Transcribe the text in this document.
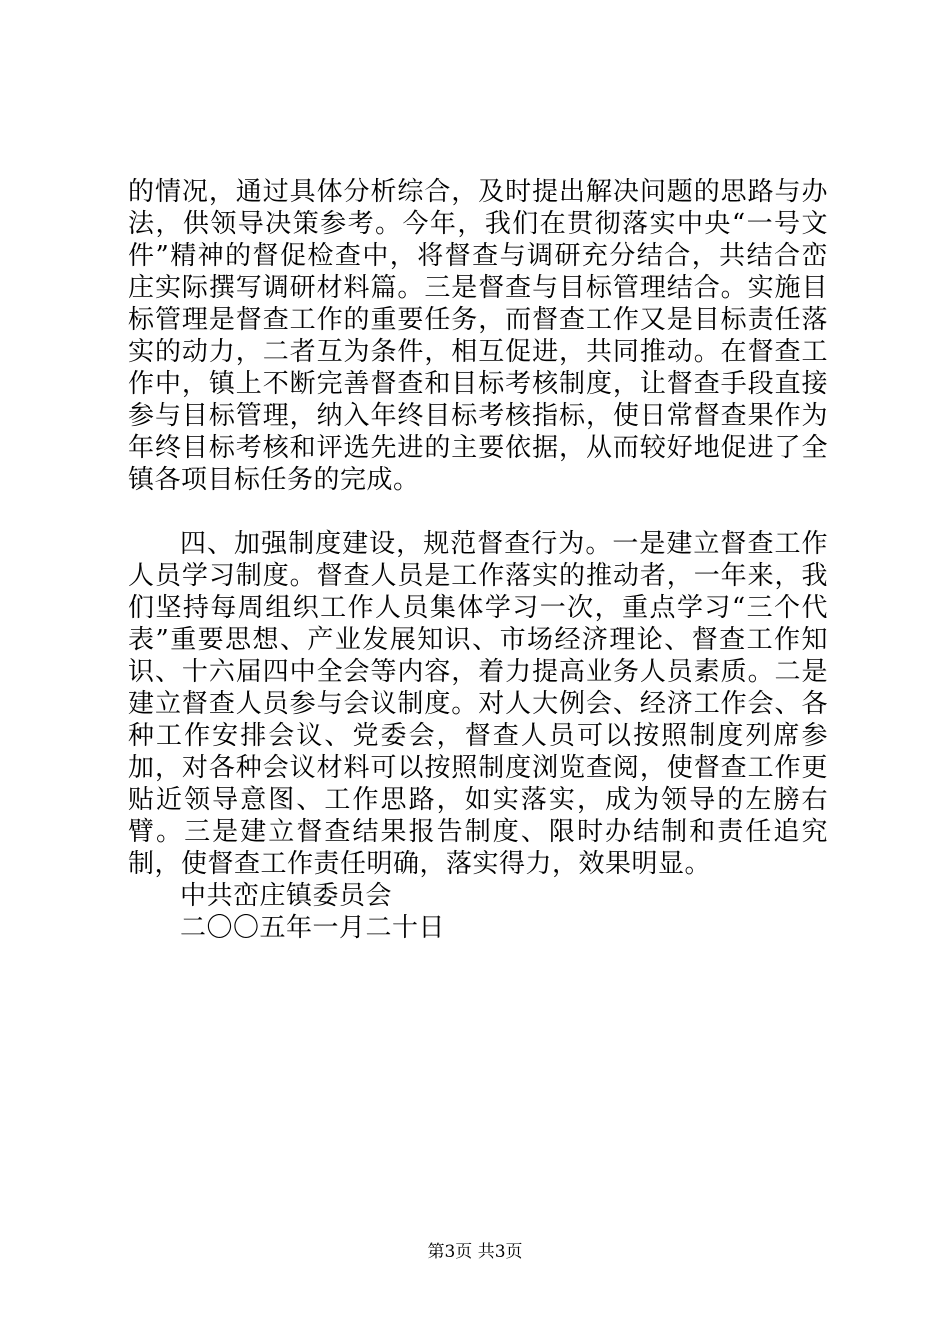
的情况，通过具体分析综合，及时提出解决问题的思路与办法，供领导决策参考。今年，我们在贯彻落实中央“一号文件”精神的督促检查中，将督查与调研充分结合，共结合峦庄实际撰写调研材料篇。三是督查与目标管理结合。实施目标管理是督查工作的重要任务，而督查工作又是目标责任落实的动力，二者互为条件，相互促进，共同推动。在督查工作中，镇上不断完善督查和目标考核制度，让督查手段直接参与目标管理，纳入年终目标考核指标，使日常督查果作为年终目标考核和评选先进的主要依据，从而较好地促进了全镇各项目标任务的完成。

四、加强制度建设，规范督查行为。一是建立督查工作人员学习制度。督查人员是工作落实的推动者，一年来，我们坚持每周组织工作人员集体学习一次，重点学习“三个代表”重要思想、产业发展知识、市场经济理论、督查工作知识、十六届四中全会等内容，着力提高业务人员素质。二是建立督查人员参与会议制度。对人大例会、经济工作会、各种工作安排会议、党委会，督查人员可以按照制度列席参加，对各种会议材料可以按照制度浏览查阅，使督查工作更贴近领导意图、工作思路，如实落实，成为领导的左膀右臂。三是建立督查结果报告制度、限时办结制和责任追究制，使督查工作责任明确，落实得力，效果明显。

中共峦庄镇委员会

二〇〇五年一月二十日

第3页 共3页
